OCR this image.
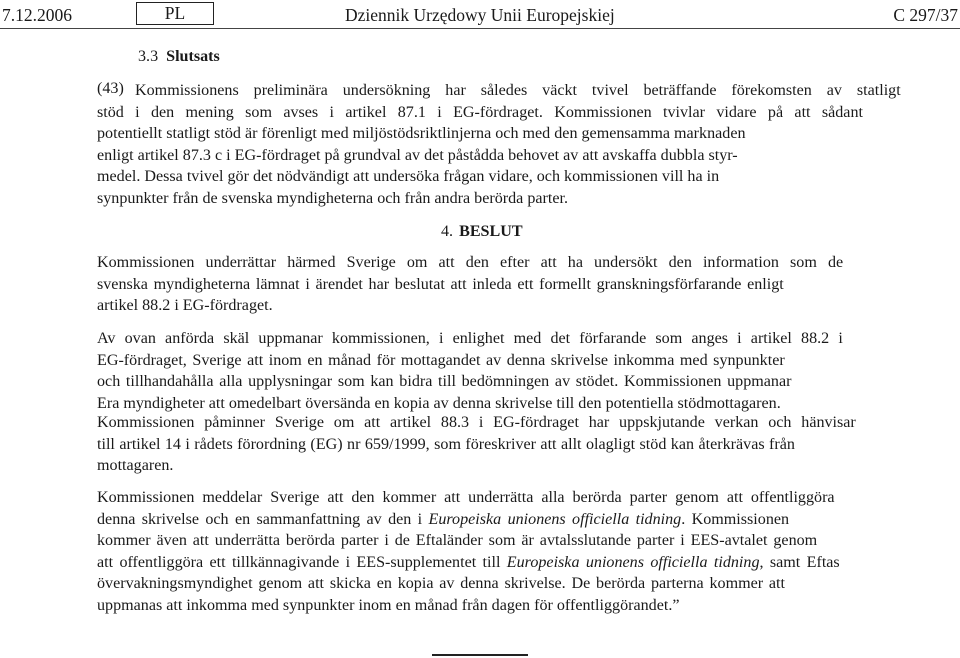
7.12.2006	PL	Dziennik Urzędowy Unii Europejskiej	C 297/37
3.3 Slutsats
(43) Kommissionens preliminära undersökning har således väckt tvivel beträffande förekomsten av statligt
stöd i den mening som avses i artikel 87.1 i EG-fördraget. Kommissionen tvivlar vidare på att sådant
potentiellt statligt stöd är förenligt med miljöstödsriktlinjerna och med den gemensamma marknaden
enligt artikel 87.3 c i EG-fördraget på grundval av det påstådda behovet av att avskaffa dubbla styr-
medel. Dessa tvivel gör det nödvändigt att undersöka frågan vidare, och kommissionen vill ha in
synpunkter från de svenska myndigheterna och från andra berörda parter.
4. BESLUT
Kommissionen underrättar härmed Sverige om att den efter att ha undersökt den information som de
svenska myndigheterna lämnat i ärendet har beslutat att inleda ett formellt granskningsförfarande enligt
artikel 88.2 i EG-fördraget.
Av ovan anförda skäl uppmanar kommissionen, i enlighet med det förfarande som anges i artikel 88.2 i
EG-fördraget, Sverige att inom en månad för mottagandet av denna skrivelse inkomma med synpunkter
och tillhandahålla alla upplysningar som kan bidra till bedömningen av stödet. Kommissionen uppmanar
Era myndigheter att omedelbart översända en kopia av denna skrivelse till den potentiella stödmottagaren.
Kommissionen påminner Sverige om att artikel 88.3 i EG-fördraget har uppskjutande verkan och hänvisar
till artikel 14 i rådets förordning (EG) nr 659/1999, som föreskriver att allt olagligt stöd kan återkrävas från
mottagaren.
Kommissionen meddelar Sverige att den kommer att underrätta alla berörda parter genom att offentliggöra
denna skrivelse och en sammanfattning av den i Europeiska unionens officiella tidning. Kommissionen
kommer även att underrätta berörda parter i de Eftaländer som är avtalsslutande parter i EES-avtalet genom
att offentliggöra ett tillkännagivande i EES-supplementet till Europeiska unionens officiella tidning, samt Eftas
övervakningsmyndighet genom att skicka en kopia av denna skrivelse. De berörda parterna kommer att
uppmanas att inkomma med synpunkter inom en månad från dagen för offentliggörandet.”
